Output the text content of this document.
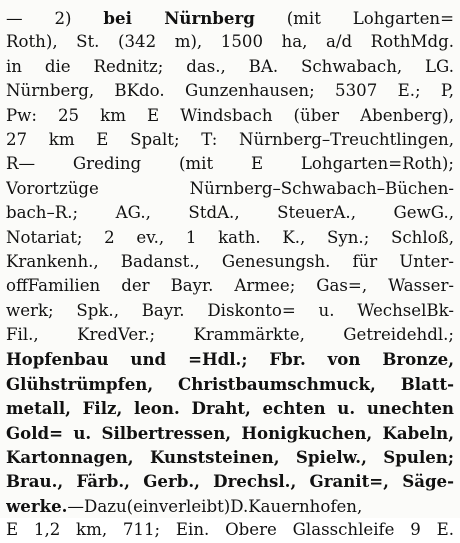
— 2) bei Nürnberg (mit Lohgarten=
Roth), St. (342 m), 1500 ha, a/d RothMdg.
in die Rednitz; das., BA. Schwabach, LG.
Nürnberg, BKdo. Gunzenhausen; 5307 E.; P,
Pw: 25 km E Windsbach (über Abenberg),
27 km E Spalt; T: Nürnberg–Treuchtlingen,
R— Greding (mit E Lohgarten=Roth);
Vorortzüge Nürnberg–Schwabach–Büchen-
bach–R.; AG., StdA., SteuerA., GewG.,
Notariat; 2 ev., 1 kath. K., Syn.; Schloß,
Krankenh., Badanst., Genesungsh. für Unter-
offFamilien der Bayr. Armee; Gas=, Wasser-
werk; Spk., Bayr. Diskonto= u. WechselBk-
Fil., KredVer.; Krammärkte, Getreidehdl.;
Hopfenbau und =Hdl.; Fbr. von Bronze,
Glühstrümpfen, Christbaumschmuck, Blatt-
metall, Filz, leon. Draht, echten u. unechten
Gold= u. Silbertressen, Honigkuchen, Kabeln,
Kartonnagen, Kunststeinen, Spielw., Spulen;
Brau., Färb., Gerb., Drechsl., Granit=, Säge-
werke.—Dazu(einverleibt)D.Kauernhofen,
E 1,2 km, 711; Ein. Obere Glasschleife 9 E.
